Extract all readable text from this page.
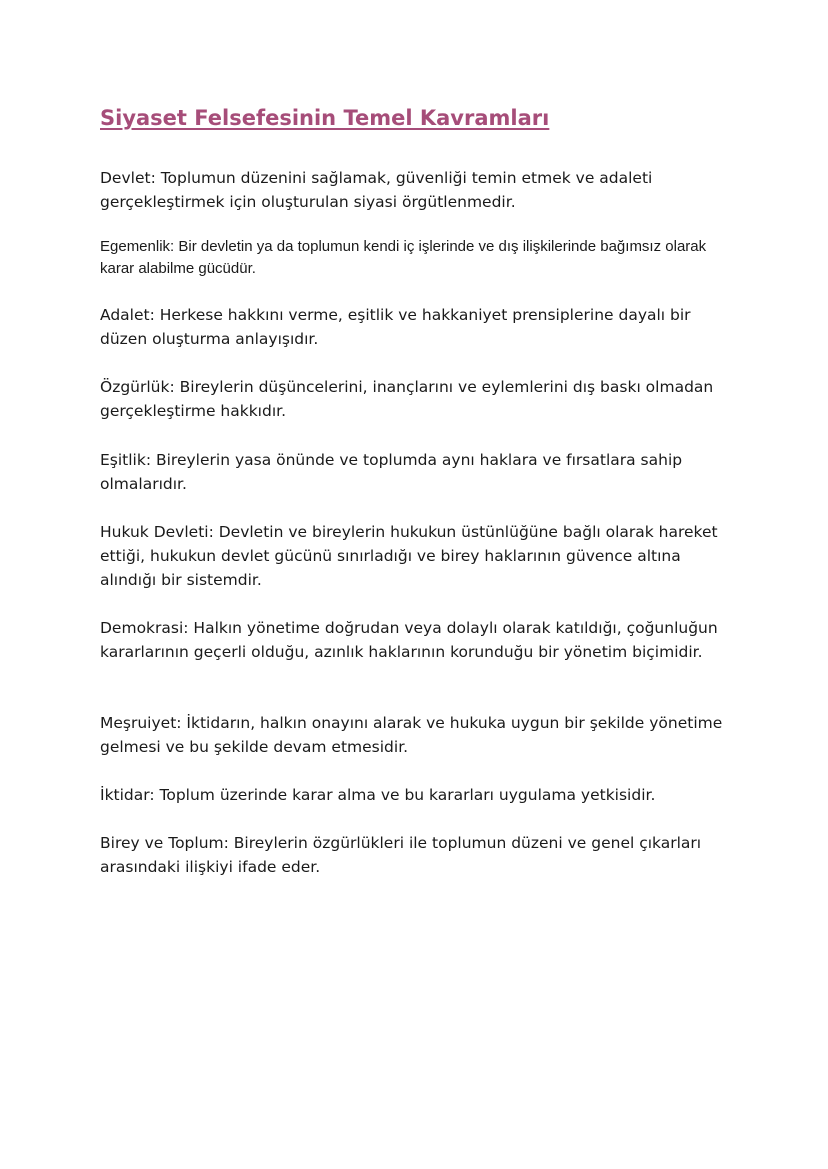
Siyaset Felsefesinin Temel Kavramları

Devlet: Toplumun düzenini sağlamak, güvenliği temin etmek ve adaleti gerçekleştirmek için oluşturulan siyasi örgütlenmedir.

Egemenlik: Bir devletin ya da toplumun kendi iç işlerinde ve dış ilişkilerinde bağımsız olarak karar alabilme gücüdür.

Adalet: Herkese hakkını verme, eşitlik ve hakkaniyet prensiplerine dayalı bir düzen oluşturma anlayışıdır.

Özgürlük: Bireylerin düşüncelerini, inançlarını ve eylemlerini dış baskı olmadan gerçekleştirme hakkıdır.

Eşitlik: Bireylerin yasa önünde ve toplumda aynı haklara ve fırsatlara sahip olmalarıdır.

Hukuk Devleti: Devletin ve bireylerin hukukun üstünlüğüne bağlı olarak hareket ettiği, hukukun devlet gücünü sınırladığı ve birey haklarının güvence altına alındığı bir sistemdir.

Demokrasi: Halkın yönetime doğrudan veya dolaylı olarak katıldığı, çoğunluğun kararlarının geçerli olduğu, azınlık haklarının korunduğu bir yönetim biçimidir.

Meşruiyet: İktidarın, halkın onayını alarak ve hukuka uygun bir şekilde yönetime gelmesi ve bu şekilde devam etmesidir.

İktidar: Toplum üzerinde karar alma ve bu kararları uygulama yetkisidir.

Birey ve Toplum: Bireylerin özgürlükleri ile toplumun düzeni ve genel çıkarları arasındaki ilişkiyi ifade eder.
